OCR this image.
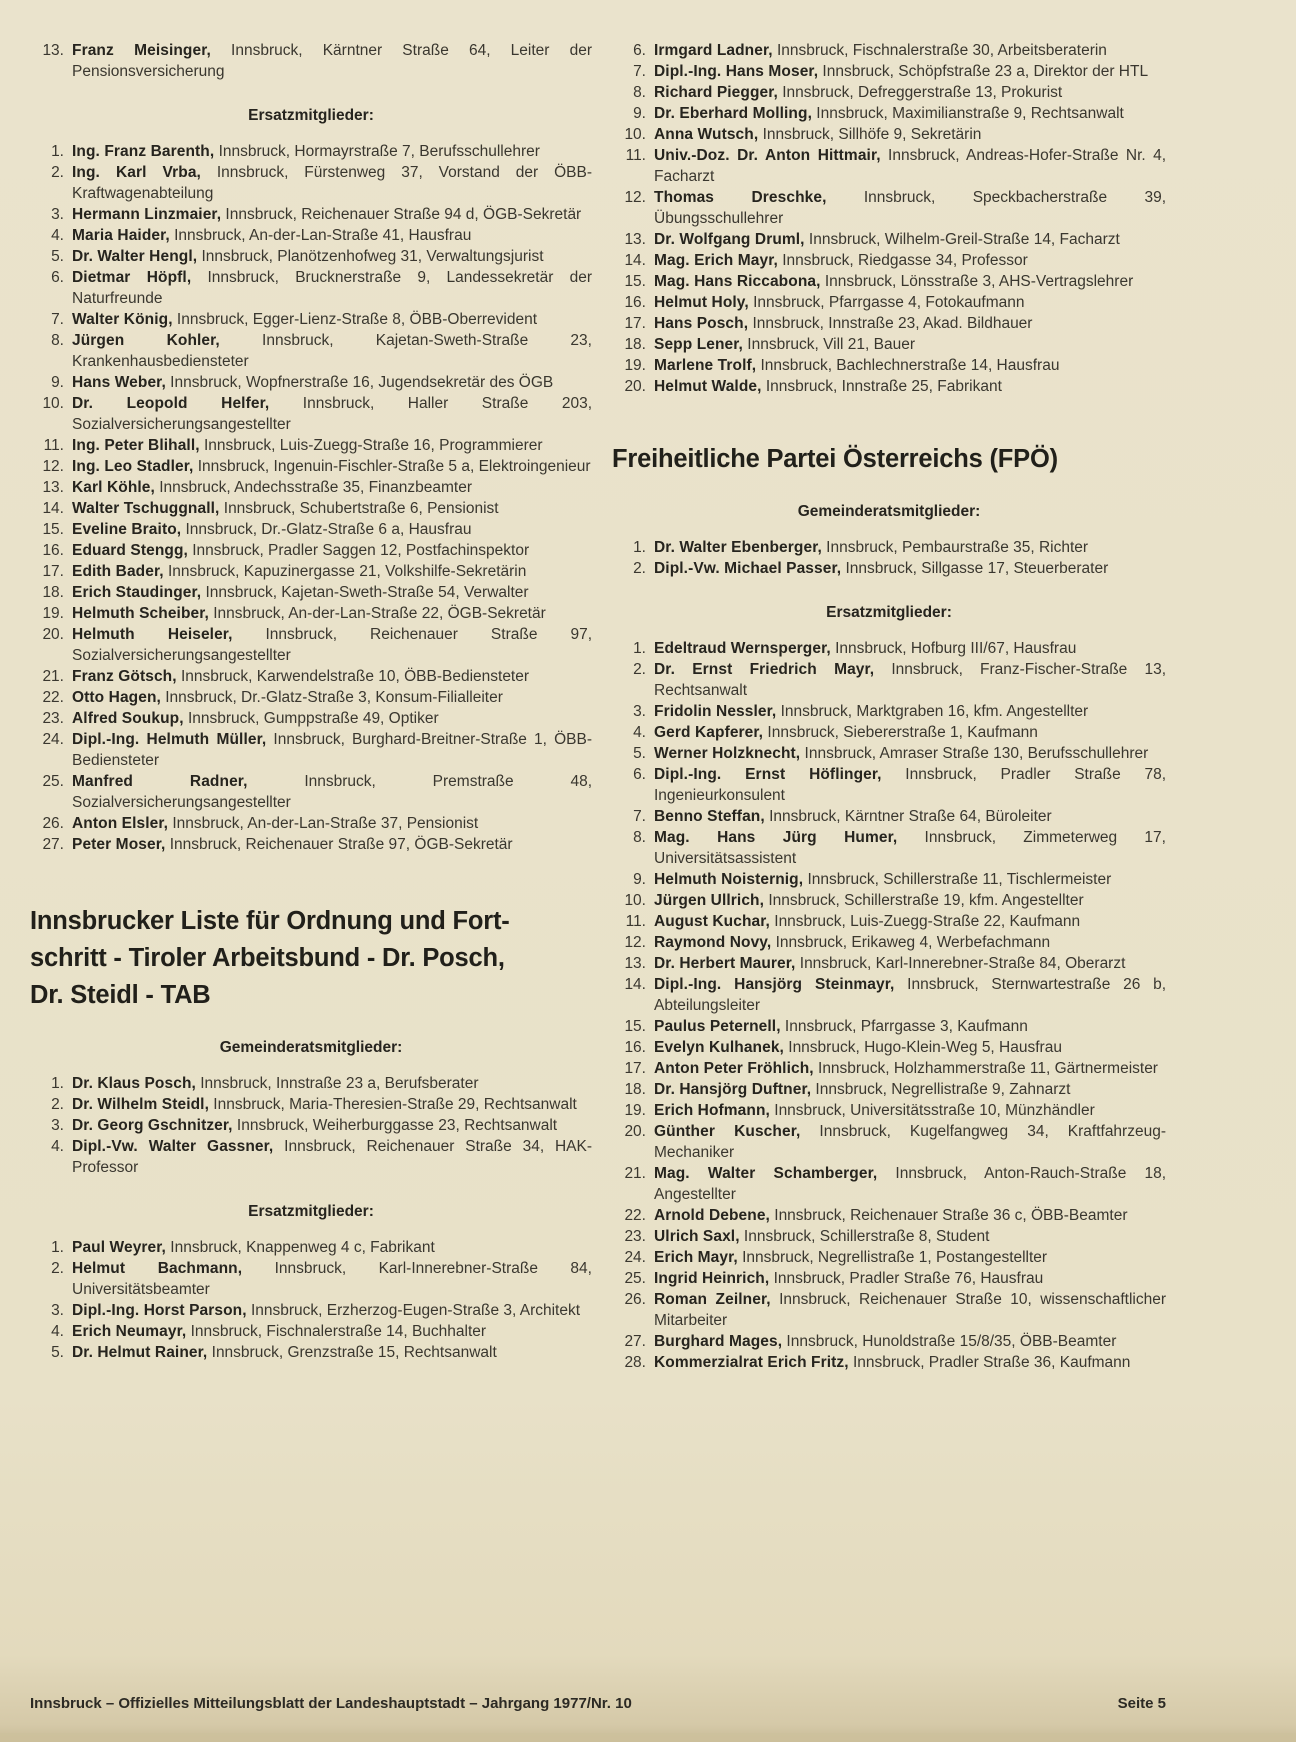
13. Franz Meisinger, Innsbruck, Kärntner Straße 64, Leiter der Pensionsversicherung
Ersatzmitglieder:
1. Ing. Franz Barenth, Innsbruck, Hormayrstraße 7, Berufsschullehrer
2. Ing. Karl Vrba, Innsbruck, Fürstenweg 37, Vorstand der ÖBB-Kraftwagenabteilung
3. Hermann Linzmaier, Innsbruck, Reichenauer Straße 94 d, ÖGB-Sekretär
4. Maria Haider, Innsbruck, An-der-Lan-Straße 41, Hausfrau
5. Dr. Walter Hengl, Innsbruck, Planötzenhofweg 31, Verwaltungsjurist
6. Dietmar Höpfl, Innsbruck, Brucknerstraße 9, Landessekretär der Naturfreunde
7. Walter König, Innsbruck, Egger-Lienz-Straße 8, ÖBB-Oberrevident
8. Jürgen Kohler, Innsbruck, Kajetan-Sweth-Straße 23, Krankenhausbediensteter
9. Hans Weber, Innsbruck, Wopfnerstraße 16, Jugendsekretär des ÖGB
10. Dr. Leopold Helfer, Innsbruck, Haller Straße 203, Sozialversicherungsangestellter
11. Ing. Peter Blihall, Innsbruck, Luis-Zuegg-Straße 16, Programmierer
12. Ing. Leo Stadler, Innsbruck, Ingenuin-Fischler-Straße 5 a, Elektroingenieur
13. Karl Köhle, Innsbruck, Andechsstraße 35, Finanzbeamter
14. Walter Tschuggnall, Innsbruck, Schubertstraße 6, Pensionist
15. Eveline Braito, Innsbruck, Dr.-Glatz-Straße 6 a, Hausfrau
16. Eduard Stengg, Innsbruck, Pradler Saggen 12, Postfachinspektor
17. Edith Bader, Innsbruck, Kapuzinergasse 21, Volkshilfe-Sekretärin
18. Erich Staudinger, Innsbruck, Kajetan-Sweth-Straße 54, Verwalter
19. Helmuth Scheiber, Innsbruck, An-der-Lan-Straße 22, ÖGB-Sekretär
20. Helmuth Heiseler, Innsbruck, Reichenauer Straße 97, Sozialversicherungsangestellter
21. Franz Götsch, Innsbruck, Karwendelstraße 10, ÖBB-Bediensteter
22. Otto Hagen, Innsbruck, Dr.-Glatz-Straße 3, Konsum-Filialleiter
23. Alfred Soukup, Innsbruck, Gumppstraße 49, Optiker
24. Dipl.-Ing. Helmuth Müller, Innsbruck, Burghard-Breitner-Straße 1, ÖBB-Bediensteter
25. Manfred Radner, Innsbruck, Premstraße 48, Sozialversicherungsangestellter
26. Anton Elsler, Innsbruck, An-der-Lan-Straße 37, Pensionist
27. Peter Moser, Innsbruck, Reichenauer Straße 97, ÖGB-Sekretär
Innsbrucker Liste für Ordnung und Fort-
schritt - Tiroler Arbeitsbund - Dr. Posch,
Dr. Steidl - TAB
Gemeinderatsmitglieder:
1. Dr. Klaus Posch, Innsbruck, Innstraße 23 a, Berufsberater
2. Dr. Wilhelm Steidl, Innsbruck, Maria-Theresien-Straße 29, Rechtsanwalt
3. Dr. Georg Gschnitzer, Innsbruck, Weiherburggasse 23, Rechtsanwalt
4. Dipl.-Vw. Walter Gassner, Innsbruck, Reichenauer Straße 34, HAK-Professor
Ersatzmitglieder:
1. Paul Weyrer, Innsbruck, Knappenweg 4 c, Fabrikant
2. Helmut Bachmann, Innsbruck, Karl-Innerebner-Straße 84, Universitätsbeamter
3. Dipl.-Ing. Horst Parson, Innsbruck, Erzherzog-Eugen-Straße 3, Architekt
4. Erich Neumayr, Innsbruck, Fischnalerstraße 14, Buchhalter
5. Dr. Helmut Rainer, Innsbruck, Grenzstraße 15, Rechtsanwalt
6. Irmgard Ladner, Innsbruck, Fischnalerstraße 30, Arbeitsberaterin
7. Dipl.-Ing. Hans Moser, Innsbruck, Schöpfstraße 23 a, Direktor der HTL
8. Richard Piegger, Innsbruck, Defreggerstraße 13, Prokurist
9. Dr. Eberhard Molling, Innsbruck, Maximilianstraße 9, Rechtsanwalt
10. Anna Wutsch, Innsbruck, Sillhöfe 9, Sekretärin
11. Univ.-Doz. Dr. Anton Hittmair, Innsbruck, Andreas-Hofer-Straße Nr. 4, Facharzt
12. Thomas Dreschke, Innsbruck, Speckbacherstraße 39, Übungsschullehrer
13. Dr. Wolfgang Druml, Innsbruck, Wilhelm-Greil-Straße 14, Facharzt
14. Mag. Erich Mayr, Innsbruck, Riedgasse 34, Professor
15. Mag. Hans Riccabona, Innsbruck, Lönsstraße 3, AHS-Vertragslehrer
16. Helmut Holy, Innsbruck, Pfarrgasse 4, Fotokaufmann
17. Hans Posch, Innsbruck, Innstraße 23, Akad. Bildhauer
18. Sepp Lener, Innsbruck, Vill 21, Bauer
19. Marlene Trolf, Innsbruck, Bachlechnerstraße 14, Hausfrau
20. Helmut Walde, Innsbruck, Innstraße 25, Fabrikant
Freiheitliche Partei Österreichs (FPÖ)
Gemeinderatsmitglieder:
1. Dr. Walter Ebenberger, Innsbruck, Pembaurstraße 35, Richter
2. Dipl.-Vw. Michael Passer, Innsbruck, Sillgasse 17, Steuerberater
Ersatzmitglieder:
1. Edeltraud Wernsperger, Innsbruck, Hofburg III/67, Hausfrau
2. Dr. Ernst Friedrich Mayr, Innsbruck, Franz-Fischer-Straße 13, Rechtsanwalt
3. Fridolin Nessler, Innsbruck, Marktgraben 16, kfm. Angestellter
4. Gerd Kapferer, Innsbruck, Siebererstraße 1, Kaufmann
5. Werner Holzknecht, Innsbruck, Amraser Straße 130, Berufsschullehrer
6. Dipl.-Ing. Ernst Höflinger, Innsbruck, Pradler Straße 78, Ingenieurkonsulent
7. Benno Steffan, Innsbruck, Kärntner Straße 64, Büroleiter
8. Mag. Hans Jürg Humer, Innsbruck, Zimmeterweg 17, Universitätsassistent
9. Helmuth Noisternig, Innsbruck, Schillerstraße 11, Tischlermeister
10. Jürgen Ullrich, Innsbruck, Schillerstraße 19, kfm. Angestellter
11. August Kuchar, Innsbruck, Luis-Zuegg-Straße 22, Kaufmann
12. Raymond Novy, Innsbruck, Erikaweg 4, Werbefachmann
13. Dr. Herbert Maurer, Innsbruck, Karl-Innerebner-Straße 84, Oberarzt
14. Dipl.-Ing. Hansjörg Steinmayr, Innsbruck, Sternwartestraße 26 b, Abteilungsleiter
15. Paulus Peternell, Innsbruck, Pfarrgasse 3, Kaufmann
16. Evelyn Kulhanek, Innsbruck, Hugo-Klein-Weg 5, Hausfrau
17. Anton Peter Fröhlich, Innsbruck, Holzhammerstraße 11, Gärtnermeister
18. Dr. Hansjörg Duftner, Innsbruck, Negrellistraße 9, Zahnarzt
19. Erich Hofmann, Innsbruck, Universitätsstraße 10, Münzhändler
20. Günther Kuscher, Innsbruck, Kugelfangweg 34, Kraftfahrzeug-Mechaniker
21. Mag. Walter Schamberger, Innsbruck, Anton-Rauch-Straße 18, Angestellter
22. Arnold Debene, Innsbruck, Reichenauer Straße 36 c, ÖBB-Beamter
23. Ulrich Saxl, Innsbruck, Schillerstraße 8, Student
24. Erich Mayr, Innsbruck, Negrellistraße 1, Postangestellter
25. Ingrid Heinrich, Innsbruck, Pradler Straße 76, Hausfrau
26. Roman Zeilner, Innsbruck, Reichenauer Straße 10, wissenschaftlicher Mitarbeiter
27. Burghard Mages, Innsbruck, Hunoldstraße 15/8/35, ÖBB-Beamter
28. Kommerzialrat Erich Fritz, Innsbruck, Pradler Straße 36, Kaufmann
Innsbruck – Offizielles Mitteilungsblatt der Landeshauptstadt – Jahrgang 1977/Nr. 10	Seite 5
